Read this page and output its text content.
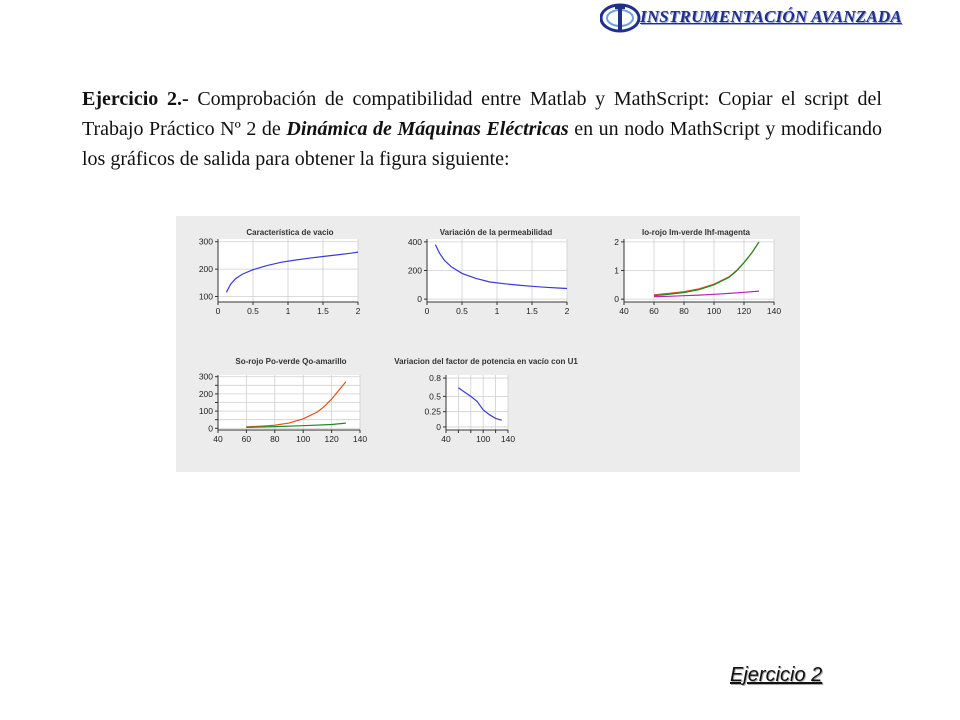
INSTRUMENTACIÓN AVANZADA

Ejercicio 2.- Comprobación de compatibilidad entre Matlab y MathScript: Copiar el script del Trabajo Práctico Nº 2 de Dinámica de Máquinas Eléctricas en un nodo MathScript y modificando los gráficos de salida para obtener la figura siguiente:

0	0.5	1	1.5	2
100
200
300
Característica de vacio
0	0.5	1	1.5	2
0
200
400
Variación de la permeabilidad
40 60 80 100 120 140
0
1
2
Io-rojo Im-verde Ihf-magenta
40 60 80 100 120 140
0
100
200
300
So-rojo Po-verde Qo-amarillo
40	100 140
0
0.25
0.5
0.8
Variacion del factor de potencia en vacío con U1
Ejercicio 2
